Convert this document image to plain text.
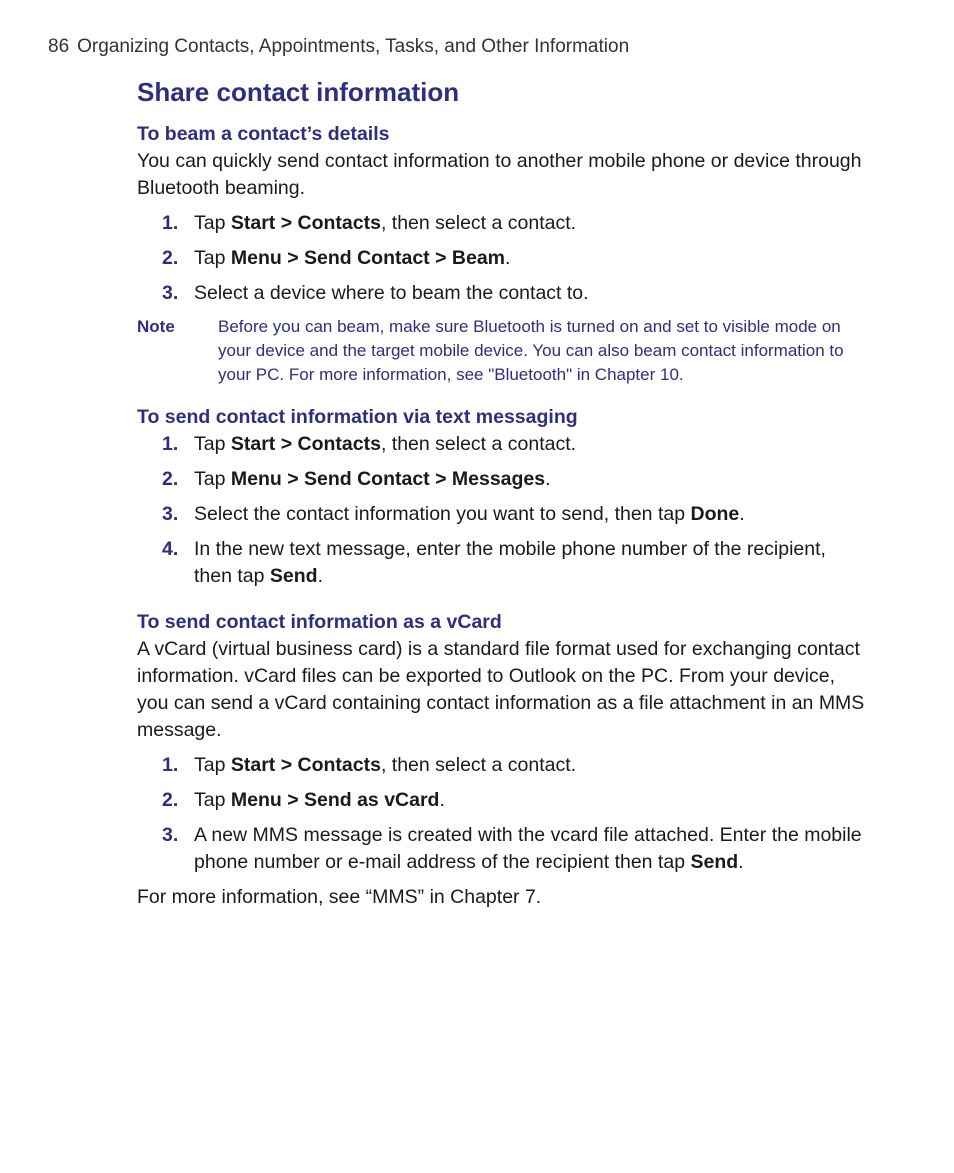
86 Organizing Contacts, Appointments, Tasks, and Other Information
Share contact information
To beam a contact’s details

You can quickly send contact information to another mobile phone or device through Bluetooth beaming.

1. Tap Start > Contacts, then select a contact.
2. Tap Menu > Send Contact > Beam.
3. Select a device where to beam the contact to.
Note	Before you can beam, make sure Bluetooth is turned on and set to visible mode on your device and the target mobile device. You can also beam contact information to your PC. For more information, see "Bluetooth" in Chapter 10.
To send contact information via text messaging
1. Tap Start > Contacts, then select a contact.
2. Tap Menu > Send Contact > Messages.
3. Select the contact information you want to send, then tap Done.
4. In the new text message, enter the mobile phone number of the recipient, then tap Send.
To send contact information as a vCard

A vCard (virtual business card) is a standard file format used for exchanging contact information. vCard files can be exported to Outlook on the PC. From your device, you can send a vCard containing contact information as a file attachment in an MMS message.

1. Tap Start > Contacts, then select a contact.
2. Tap Menu > Send as vCard.
3. A new MMS message is created with the vcard file attached. Enter the mobile phone number or e-mail address of the recipient then tap Send.

For more information, see “MMS” in Chapter 7.
